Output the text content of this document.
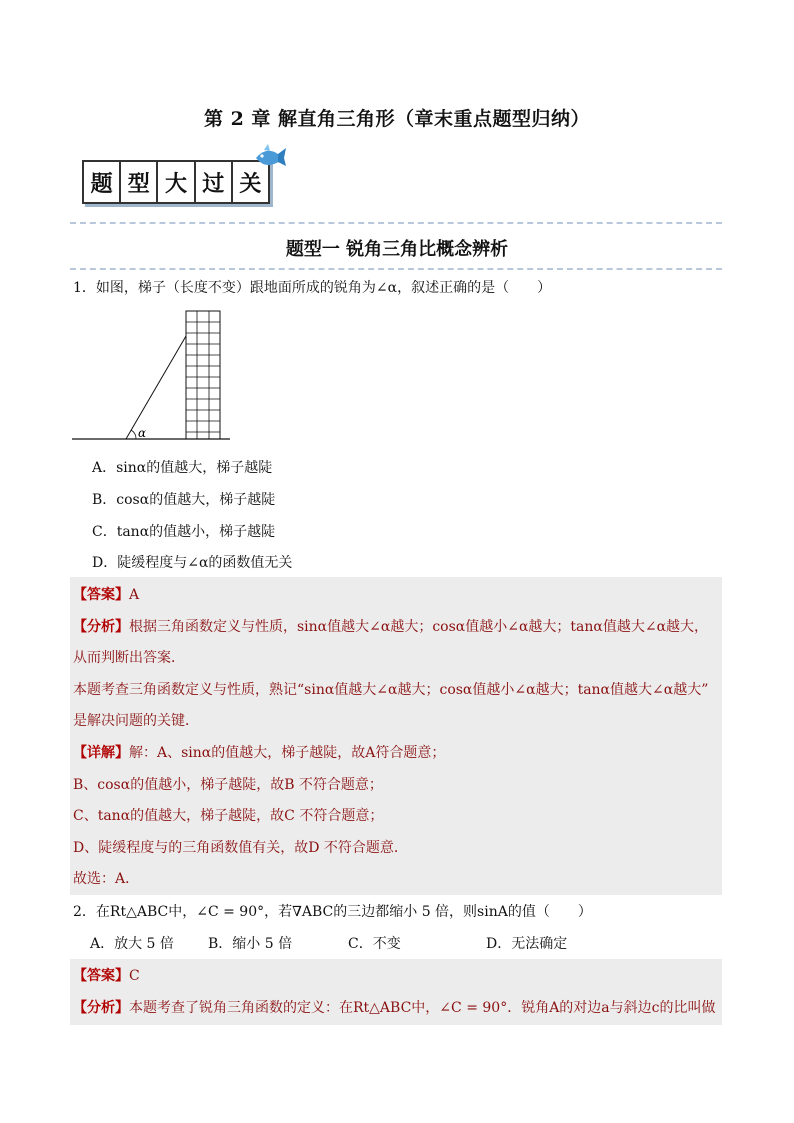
第 2 章 解直角三角形（章末重点题型归纳）
题 型 大 过 关
题型一 锐角三角比概念辨析
1．如图，梯子（长度不变）跟地面所成的锐角为∠α，叙述正确的是（　　）
α
A．sinα的值越大，梯子越陡
B．cosα的值越大，梯子越陡
C．tanα的值越小，梯子越陡
D．陡缓程度与∠α的函数值无关
【答案】A
【分析】根据三角函数定义与性质，sinα值越大∠α越大；cosα值越小∠α越大；tanα值越大∠α越大，
从而判断出答案．
本题考查三角函数定义与性质，熟记“sinα值越大∠α越大；cosα值越小∠α越大；tanα值越大∠α越大”
是解决问题的关键．
【详解】解：A、sinα的值越大，梯子越陡，故A符合题意；
B、cosα的值越小，梯子越陡，故B 不符合题意；
C、tanα的值越大，梯子越陡，故C 不符合题意；
D、陡缓程度与的三角函数值有关，故D 不符合题意．
故选：A．
2．在Rt△ABC中，∠C = 90°，若∇ABC的三边都缩小 5 倍，则sinA的值（　　）
A．放大 5 倍 B．缩小 5 倍	C．不变	D．无法确定
【答案】C
【分析】本题考查了锐角三角函数的定义：在Rt△ABC中，∠C = 90°．锐角A的对边a与斜边c的比叫做
